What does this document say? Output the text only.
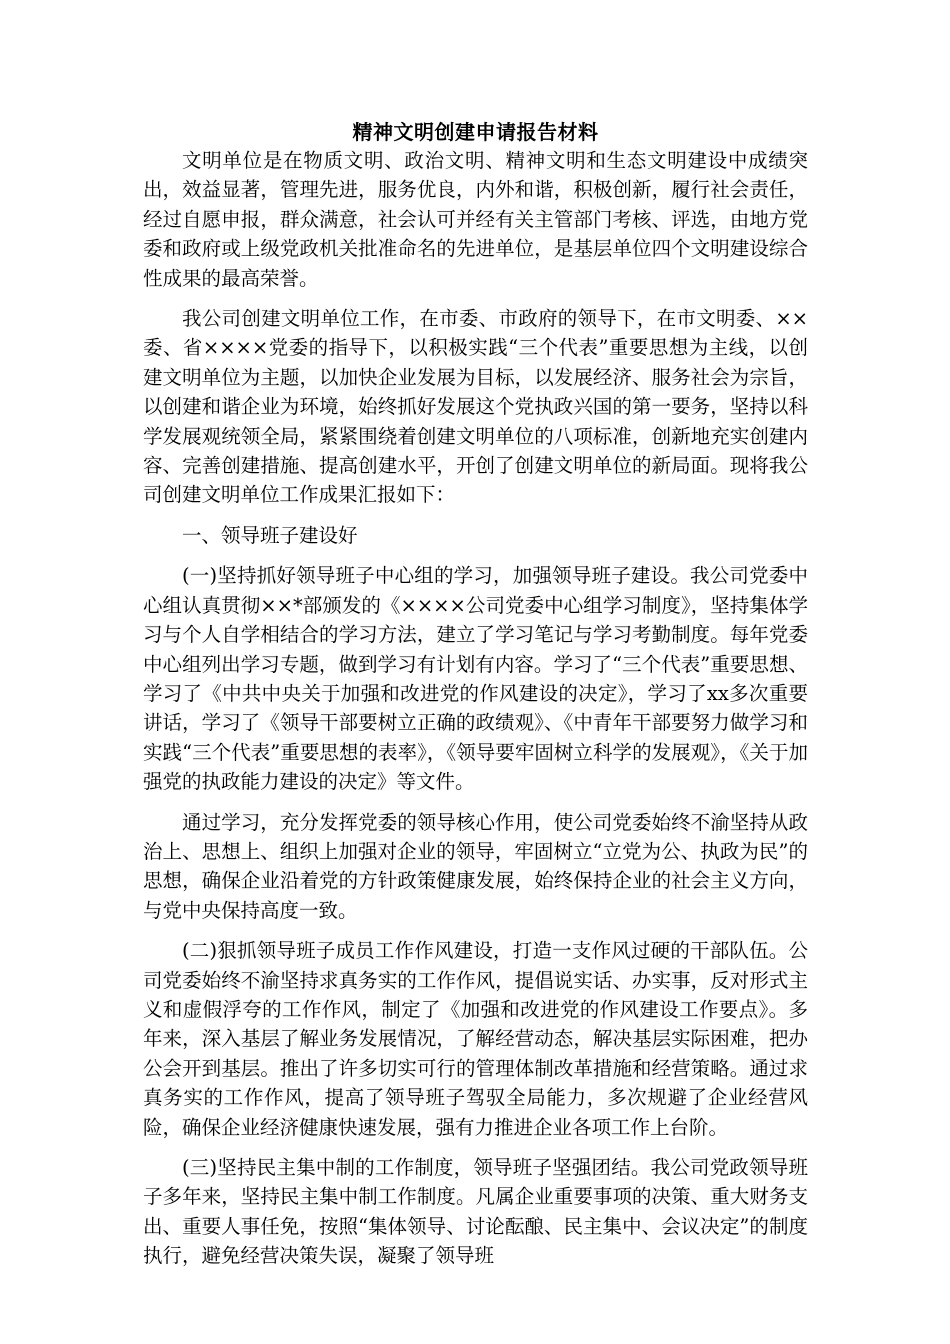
精神文明创建申请报告材料

文明单位是在物质文明、政治文明、精神文明和生态文明建设中成绩突出，效益显著，管理先进，服务优良，内外和谐，积极创新，履行社会责任，经过自愿申报，群众满意，社会认可并经有关主管部门考核、评选，由地方党委和政府或上级党政机关批准命名的先进单位，是基层单位四个文明建设综合性成果的最高荣誉。

我公司创建文明单位工作，在市委、市政府的领导下，在市文明委、××委、省××××党委的指导下，以积极实践“三个代表”重要思想为主线，以创建文明单位为主题，以加快企业发展为目标，以发展经济、服务社会为宗旨，以创建和谐企业为环境，始终抓好发展这个党执政兴国的第一要务，坚持以科学发展观统领全局，紧紧围绕着创建文明单位的八项标准，创新地充实创建内容、完善创建措施、提高创建水平，开创了创建文明单位的新局面。现将我公司创建文明单位工作成果汇报如下：

一、领导班子建设好

(一)坚持抓好领导班子中心组的学习，加强领导班子建设。我公司党委中心组认真贯彻××*部颁发的《××××公司党委中心组学习制度》，坚持集体学习与个人自学相结合的学习方法，建立了学习笔记与学习考勤制度。每年党委中心组列出学习专题，做到学习有计划有内容。学习了“三个代表”重要思想、学习了《中共中央关于加强和改进党的作风建设的决定》，学习了xx多次重要讲话，学习了《领导干部要树立正确的政绩观》、《中青年干部要努力做学习和实践“三个代表”重要思想的表率》，《领导要牢固树立科学的发展观》，《关于加强党的执政能力建设的决定》等文件。

通过学习，充分发挥党委的领导核心作用，使公司党委始终不渝坚持从政治上、思想上、组织上加强对企业的领导，牢固树立“立党为公、执政为民”的思想，确保企业沿着党的方针政策健康发展，始终保持企业的社会主义方向，与党中央保持高度一致。

(二)狠抓领导班子成员工作作风建设，打造一支作风过硬的干部队伍。公司党委始终不渝坚持求真务实的工作作风，提倡说实话、办实事，反对形式主义和虚假浮夸的工作作风，制定了《加强和改进党的作风建设工作要点》。多年来，深入基层了解业务发展情况，了解经营动态，解决基层实际困难，把办公会开到基层。推出了许多切实可行的管理体制改革措施和经营策略。通过求真务实的工作作风，提高了领导班子驾驭全局能力，多次规避了企业经营风险，确保企业经济健康快速发展，强有力推进企业各项工作上台阶。

(三)坚持民主集中制的工作制度，领导班子坚强团结。我公司党政领导班子多年来，坚持民主集中制工作制度。凡属企业重要事项的决策、重大财务支出、重要人事任免，按照“集体领导、讨论酝酿、民主集中、会议决定”的制度执行，避免经营决策失误，凝聚了领导班
